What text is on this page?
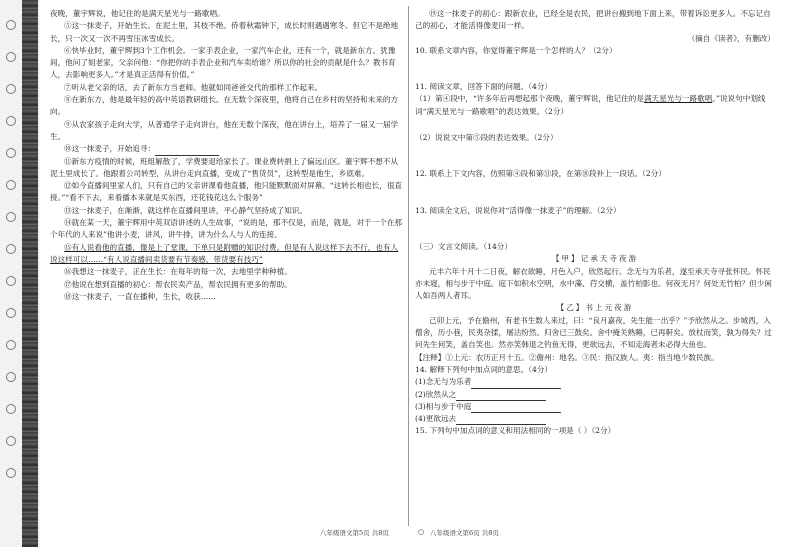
夜晚，董宇辉说，他记住的是满天星光与一路歌唱。

⑤这一抹麦子，开始生长。在泥土里，其枝不绝。侨着秋霜钟下，成长时则遇遇寒冬。但它不是绝地长，只一次又一次不再雪压冰雪成长。

⑥快毕业时，董宇辉到3个工作机会。一家手表企业，一家汽车企业，还有一个，就是新东方。犹豫间，他问了姐老家，父亲问他：“你把你的手表企业和汽车卖给谁？所以你的社会的贡献是什么？教书育人，去影响更多人。”才是真正活得有价值。”

⑦听从老父亲的话，去了新东方当老师。他就如同爸爸交代的那样工作起来。

⑧在新东方，他是最年轻的高中英语教研组长。在无数个深夜里，他将自己在乡村的坚持和未来的方向。

⑨从农家孩子走向大学，从普通学子走向讲台，他在无数个深夜，他在讲台上，培养了一届又一届学生。

⑩这一抹麦子，开始追寻：

⑪新东方疫情的时候，班组解散了，学费要退给家长了。课业费转捐上了偏远山区。董宇辉不想不从泥土里成长了。他跟着公司转型，从讲台走向直播，变成了“售货员”，这转型是他生，乡底难。

⑫如今直播间里家人们，只有自己的父亲讲课看他直播，他只能默默面对屏幕。“这转长相也长，很直接。”“看不下去，来看播本来就是买东西，还花钱花这么个服务”

⑬这一抹麦子，在渐渐，就这样在直播间里讲，平心静气坚持成了知识。

⑭就在某一天，董宇辉用中英双语讲述的人生故事，“说的是，那不仅是，而是，就是，对于一个在那个年代的人来说”他讲小麦，讲风，讲牛排，讲为什么人与人的连接。

⑮有人说看他的直播，像是上了堂课，下单只是附赠的知识付费。但是有人说这样下去不行，也有人说这样可以……“有人说直播间卖货要有节奏感，带货要有技巧”

⑯我想这一抹麦子，正在生长：在每年的每一次，去地里学种种植。

⑰他说在想到直播的初心：帮农民卖产品，帮农民拥有更多的帮助。

⑱这一抹麦子，一直在播种，生长，收获……

⑲这一抹麦子的初心：跟新农业，已经全是农民，把讲台搬到地下面上来，带着诉讼更多人。不忘记自己的初心，才能活得像麦田一样。

（摘自《读者》，有删改）

10. 联系文章内容，你觉得董宇辉是一个怎样的人？（2分）

11. 阅读文章，回答下面的问题。（4分）

（1）第④段中，“许多年后再想起那个夜晚，董宇辉说，他记住的是满天星光与一路歌唱。”说说句中划线词“满天星光与一路歌唱”的表达效果。（2分）

（2）说说文中第⑤段的表达效果。（2分）

12. 联系上下文内容，仿照第④段和第⑪段，在第⑱段补上一段话。（2分）

13. 阅读全文后，说说你对“活得像一抹麦子”的理解。（2分）

（三）文言文阅读。（14分）

【甲】记承天寺夜游

元丰六年十月十二日夜，解衣欲睡，月色入户，欣然起行。念无与为乐者，遂至承天寺寻张怀民。怀民亦未寝，相与步于中庭。庭下如积水空明，水中藻、荇交横，盖竹柏影也。何夜无月？何处无竹柏？但少闲人如吾两人者耳。

【乙】书上元夜游

己卯上元，予在儋州，有老书生数人来过，曰：“良月嘉夜，先生能一出乎？”予欣然从之。步城西，入僧舍，历小巷，民夷杂揉，屠沽纷然。归舍已三鼓矣。舍中掩关熟睡，已再鼾矣。放杖而笑，孰为得失？过问先生何笑，盖自笑也。然亦笑韩退之钓鱼无得，更欲远去，不知走海者未必得大鱼也。

【注释】①上元：农历正月十五。②儋州：地名。③民：指汉族人。夷：指当地少数民族。

14. 解释下列句中加点词的意思。（4分）

(1)念无与为乐者

(2)欣然从之

(3)相与步于中庭

(4)更欲远去

15. 下列句中加点词的意义和用法相同的一项是（ ）（2分）

八年级语文第5页 共8页	○ 八年级语文第6页 共8页
